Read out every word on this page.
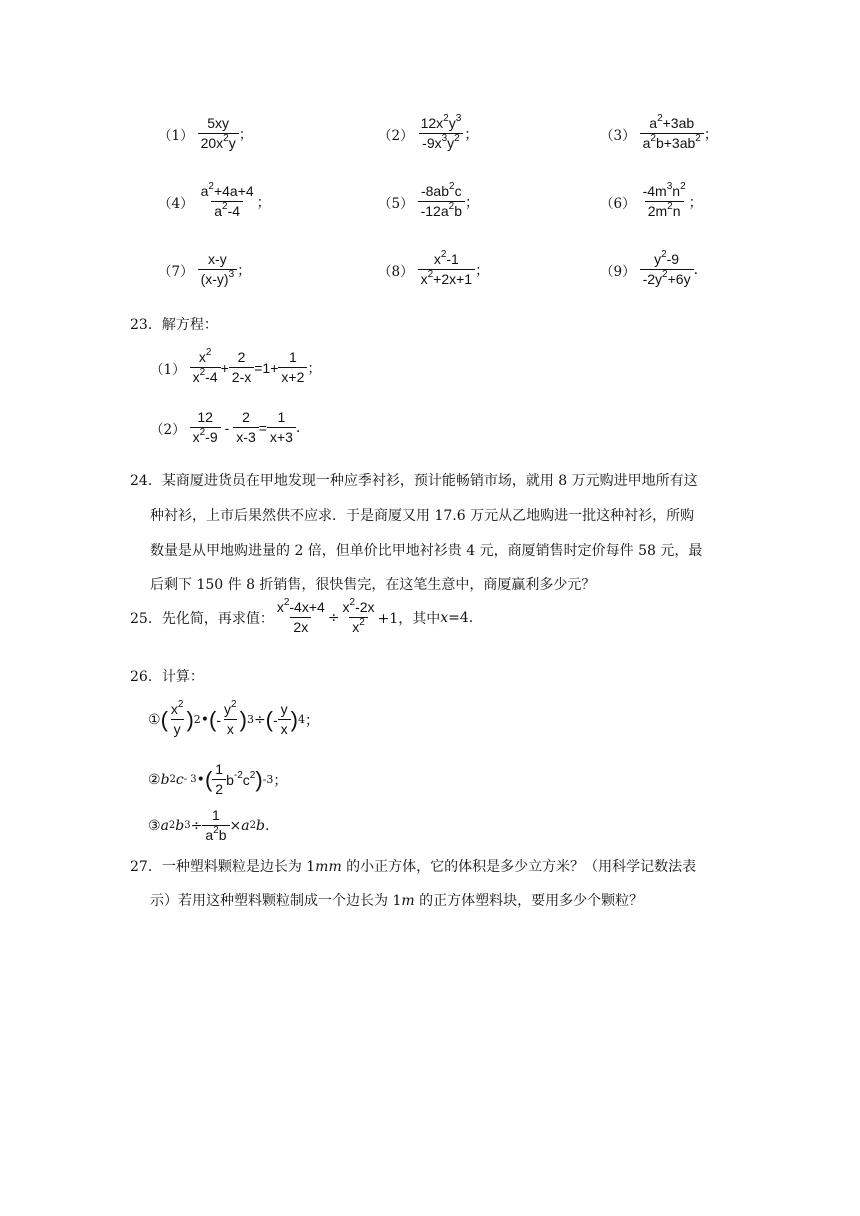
$(1) \frac{5xy}{20x^2y}$ ；	$(2) \frac{12x^2y^3}{-9x^3y^2}$ ；	$(3) \frac{a^2+3ab}{a^2b+3ab^2}$ ；
$(4) \frac{a^2+4a+4}{a^2-4}$ ；	$(5) \frac{-8ab^2c}{-12a^2b}$ ；	$(6) \frac{-4m^3n^2}{2m^2n}$ ；
$(7) \frac{x-y}{(x-y)^3}$ ；	$(8) \frac{x^2-1}{x^2+2x+1}$ ；	$(9) \frac{y^2-9}{-2y^2+6y}$ .
23．解方程：
$(1) \frac{x^2}{x^2-4} + \frac{2}{2-x} =1+ \frac{1}{x+2}$ ；
$(2) \frac{12}{x^2-9} - \frac{2}{x-3} = \frac{1}{x+3}$ .
24．某商厦进货员在甲地发现一种应季衬衫，预计能畅销市场，就用 8 万元购进甲地所有这
种衬衫，上市后果然供不应求．于是商厦又用 17.6 万元从乙地购进一批这种衬衫，所购
数量是从甲地购进量的 2 倍，但单价比甲地衬衫贵 4 元，商厦销售时定价每件 58 元，最
后剩下 150 件 8 折销售，很快售完，在这笔生意中，商厦赢利多少元？
25．先化简，再求值： $\frac{x^2-4x+4}{2x} \div \frac{x^2-2x}{x^2} +1$，其中 x =4.
26．计算：
① ( $\frac{x^2}{y}$ ) 2 • ( - $\frac{y^2}{x}$ ) 3 ÷ ( - $\frac{y}{x}$ ) 4 ；
② b 2 c - 3 • ( $\frac{1}{2} b^{-2}c^2$ ) -3 ；
③ a 2 b $3 \div \frac{1}{a^2b} \times a$ 2 b .
27．一种塑料颗粒是边长为 1mm 的小正方体，它的体积是多少立方米？（用科学记数法表
示）若用这种塑料颗粒制成一个边长为 1m 的正方体塑料块，要用多少个颗粒？
